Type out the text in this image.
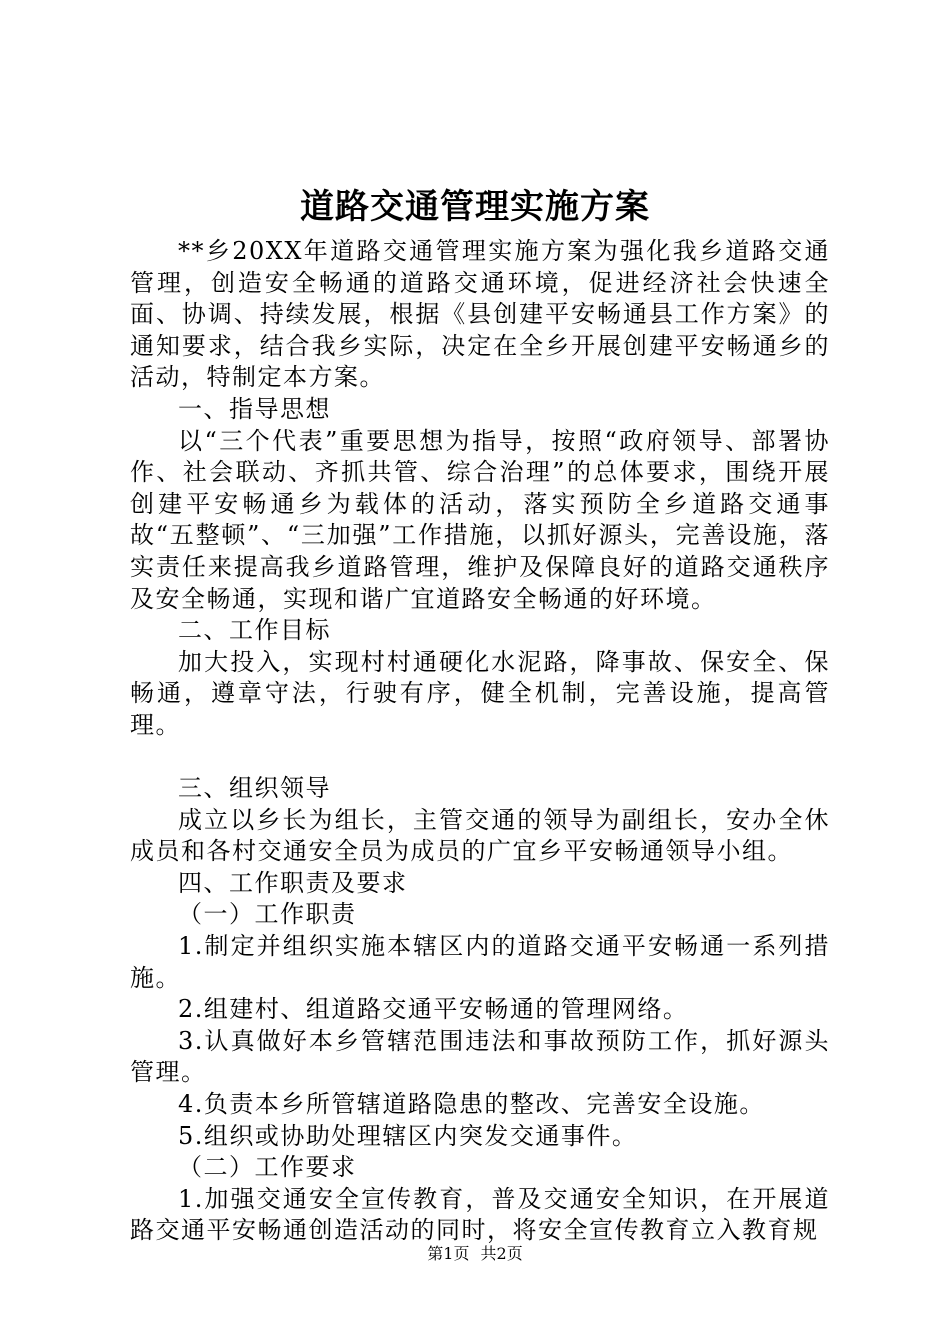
道路交通管理实施方案

**乡20XX年道路交通管理实施方案为强化我乡道路交通管理，创造安全畅通的道路交通环境，促进经济社会快速全面、协调、持续发展，根据《县创建平安畅通县工作方案》的通知要求，结合我乡实际，决定在全乡开展创建平安畅通乡的活动，特制定本方案。

一、指导思想

以“三个代表”重要思想为指导，按照“政府领导、部署协作、社会联动、齐抓共管、综合治理”的总体要求，围绕开展创建平安畅通乡为载体的活动，落实预防全乡道路交通事故“五整顿”、“三加强”工作措施，以抓好源头，完善设施，落实责任来提高我乡道路管理，维护及保障良好的道路交通秩序及安全畅通，实现和谐广宜道路安全畅通的好环境。

二、工作目标

加大投入，实现村村通硬化水泥路，降事故、保安全、保畅通，遵章守法，行驶有序，健全机制，完善设施，提高管理。

三、组织领导

成立以乡长为组长，主管交通的领导为副组长，安办全休成员和各村交通安全员为成员的广宜乡平安畅通领导小组。

四、工作职责及要求

（一）工作职责

1.制定并组织实施本辖区内的道路交通平安畅通一系列措施。

2.组建村、组道路交通平安畅通的管理网络。

3.认真做好本乡管辖范围违法和事故预防工作，抓好源头管理。

4.负责本乡所管辖道路隐患的整改、完善安全设施。

5.组织或协助处理辖区内突发交通事件。

（二）工作要求

1.加强交通安全宣传教育，普及交通安全知识，在开展道路交通平安畅通创造活动的同时，将安全宣传教育立入教育规

第1页 共2页
